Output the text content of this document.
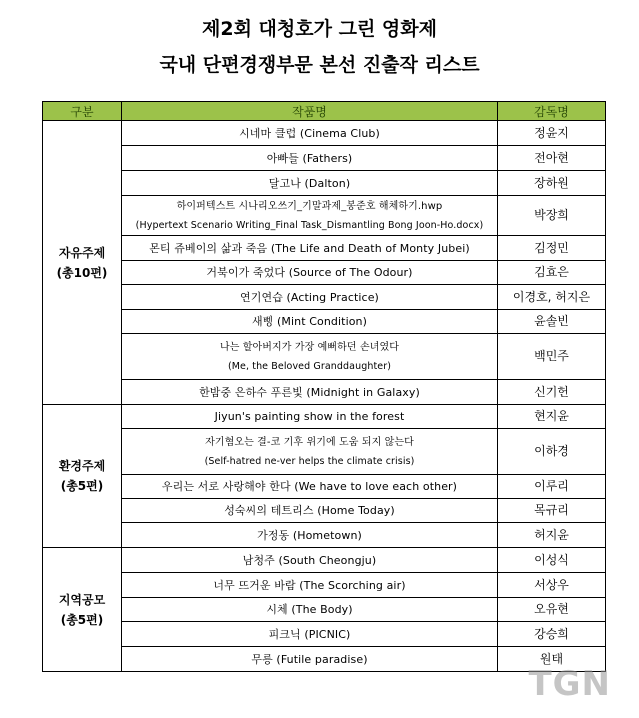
제2회 대청호가 그린 영화제
국내 단편경쟁부문 본선 진출작 리스트
구분	작품명	감독명

자유주제
(총10편)	시네마 클럽 (Cinema Club)	정윤지
	아빠들 (Fathers)	전아현
	달고나 (Dalton)	장하원
	하이퍼텍스트 시나리오쓰기_기말과제_봉준호 해체하기.hwp
(Hypertext Scenario Writing_Final Task_Dismantling Bong Joon-Ho.docx)	박장희
	몬티 쥬베이의 삶과 죽음 (The Life and Death of Monty Jubei)	김정민
	거북이가 죽었다 (Source of The Odour)	김효은
	연기연습 (Acting Practice)	이경호, 허지은
	새삥 (Mint Condition)	윤솔빈
	나는 할아버지가 가장 예뻐하던 손녀였다
(Me, the Beloved Granddaughter)	백민주
	한밤중 은하수 푸른빛 (Midnight in Galaxy)	신기헌

환경주제
(총5편)	Jiyun's painting show in the forest	현지윤
	자기혐오는 결-코 기후 위기에 도움 되지 않는다
(Self-hatred ne-ver helps the climate crisis)	이하경
	우리는 서로 사랑해야 한다 (We have to love each other)	이루리
	성숙씨의 테트리스 (Home Today)	목규리
	가정동 (Hometown)	허지윤

지역공모
(총5편)	남청주 (South Cheongju)	이성식
	너무 뜨거운 바람 (The Scorching air)	서상우
	시체 (The Body)	오유현
	피크닉 (PICNIC)	강승희
	무릉 (Futile paradise)	원태
TGN
